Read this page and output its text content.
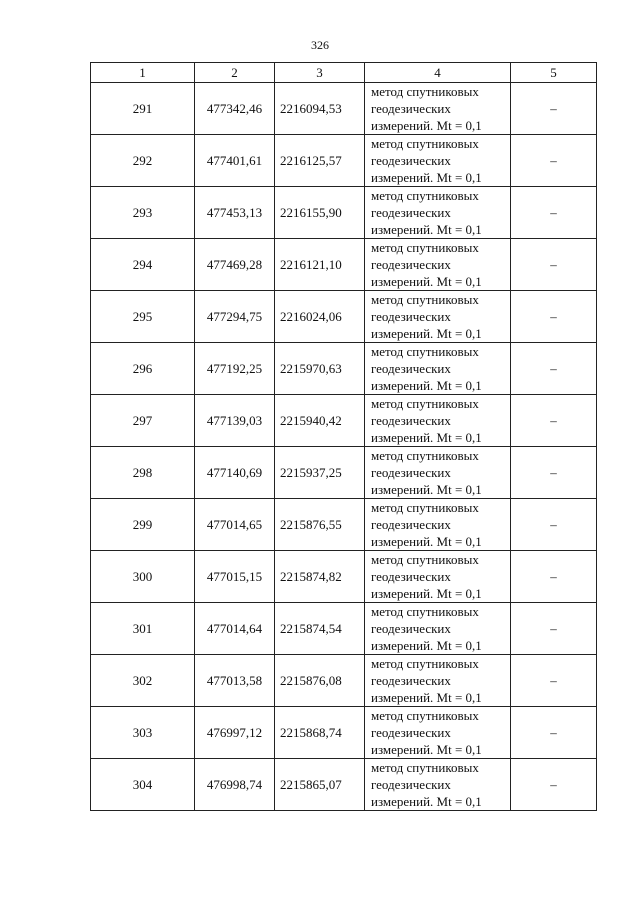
326
1	2	3	4	5
291	477342,46	2216094,53	метод спутниковых
геодезических
измерений. Mt = 0,1	–
292	477401,61	2216125,57	метод спутниковых
геодезических
измерений. Mt = 0,1	–
293	477453,13	2216155,90	метод спутниковых
геодезических
измерений. Mt = 0,1	–
294	477469,28	2216121,10	метод спутниковых
геодезических
измерений. Mt = 0,1	–
295	477294,75	2216024,06	метод спутниковых
геодезических
измерений. Mt = 0,1	–
296	477192,25	2215970,63	метод спутниковых
геодезических
измерений. Mt = 0,1	–
297	477139,03	2215940,42	метод спутниковых
геодезических
измерений. Mt = 0,1	–
298	477140,69	2215937,25	метод спутниковых
геодезических
измерений. Mt = 0,1	–
299	477014,65	2215876,55	метод спутниковых
геодезических
измерений. Mt = 0,1	–
300	477015,15	2215874,82	метод спутниковых
геодезических
измерений. Mt = 0,1	–
301	477014,64	2215874,54	метод спутниковых
геодезических
измерений. Mt = 0,1	–
302	477013,58	2215876,08	метод спутниковых
геодезических
измерений. Mt = 0,1	–
303	476997,12	2215868,74	метод спутниковых
геодезических
измерений. Mt = 0,1	–
304	476998,74	2215865,07	метод спутниковых
геодезических
измерений. Mt = 0,1	–
